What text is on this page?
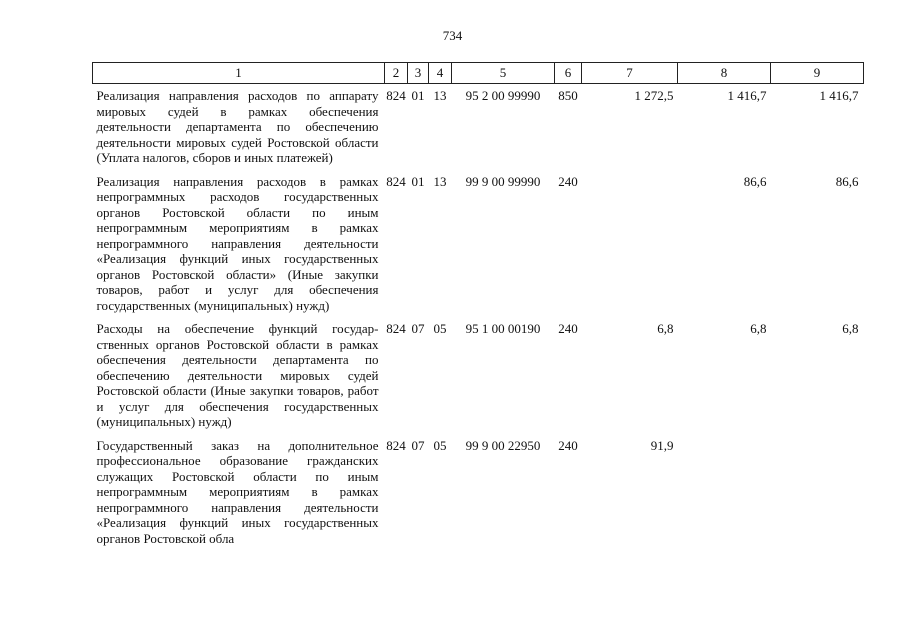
734
1	2	3	4	5	6	7	8	9
Реализация направления расходов по аппарату мировых судей в рамках обеспечения деятельности департамента по обеспечению деятельности мировых судей Ростовской области (Уплата налогов, сборов и иных платежей)	824	01	13	95 2 00 99990	850	1 272,5	1 416,7	1 416,7
Реализация направления расходов в рамках непрограммных расходов государственных органов Ростовской области по иным непрограммным мероприятиям в рамках непрограммного направления деятельности «Реализация функций иных государственных органов Ростовской области» (Иные закупки товаров, работ и услуг для обеспечения государственных (муниципальных) нужд)	824	01	13	99 9 00 99990	240		86,6	86,6
Расходы на обеспечение функций государственных органов Ростовской области в рамках обеспечения деятельности департамента по обеспечению деятельности мировых судей Ростовской области (Иные закупки товаров, работ и услуг для обеспечения государственных (муниципальных) нужд)	824	07	05	95 1 00 00190	240	6,8	6,8	6,8
Государственный заказ на дополнительное профессиональное образование гражданских служащих Ростовской области по иным непрограммным мероприятиям в рамках непрограммного направления деятельности «Реализация функций иных государственных органов Ростовской обла	824	07	05	99 9 00 22950	240	91,9		
